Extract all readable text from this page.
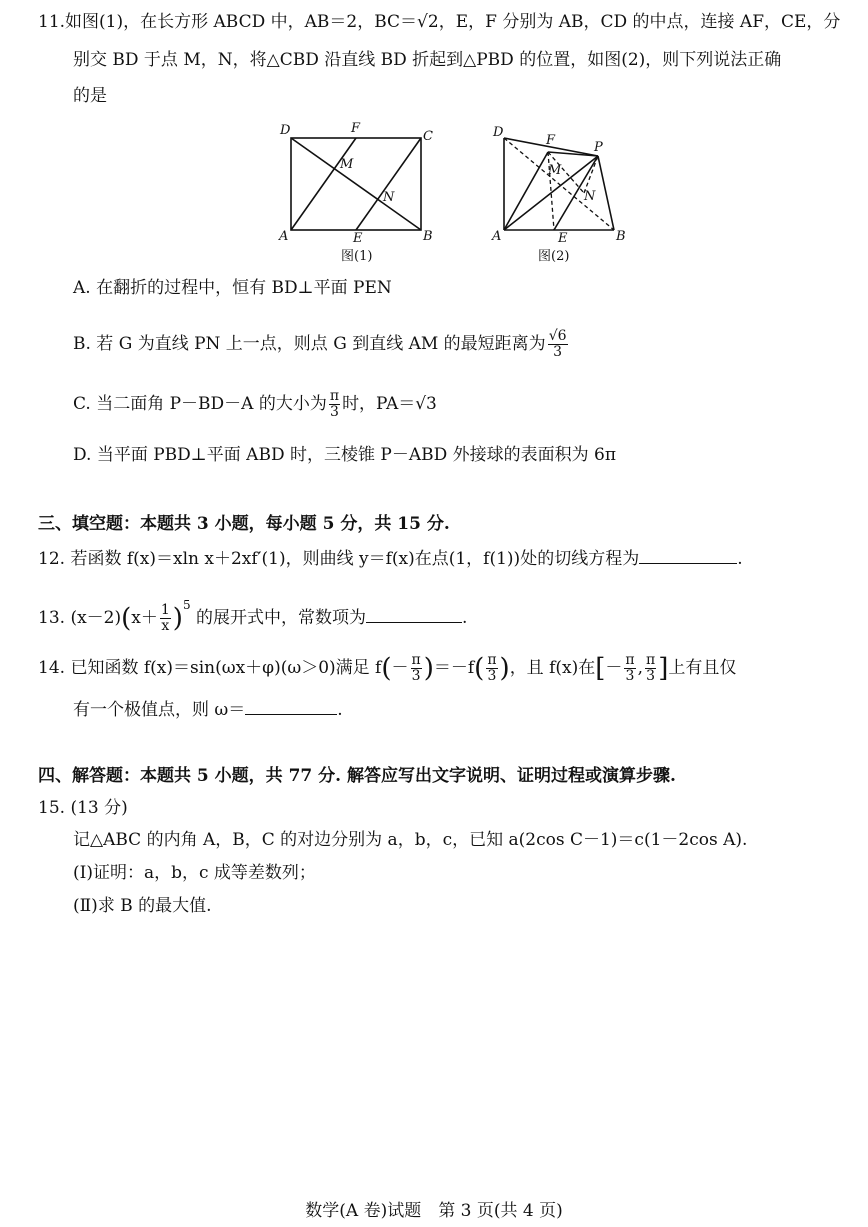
11.如图(1)，在长方形 ABCD 中，AB＝2，BC＝√2，E，F 分别为 AB，CD 的中点，连接 AF，CE，分
别交 BD 于点 M，N，将△CBD 沿直线 BD 折起到△PBD 的位置，如图(2)，则下列说法正确
的是
D	F
C
M
N
A	E	B
图(1)
D
F	P
M
N
A	E	B
图(2)
A. 在翻折的过程中，恒有 BD⊥平面 PEN
B. 若 G 为直线 PN 上一点，则点 G 到直线 AM 的最短距离为 $\frac{√6}{3}$
C. 当二面角 P－BD－A 的大小为 $\frac{\pi}{3}$ 时，PA＝√3
D. 当平面 PBD⊥平面 ABD 时，三棱锥 P－ABD 外接球的表面积为 6π
三、填空题：本题共 3 小题，每小题 5 分，共 15 分.
12. 若函数 f(x)＝xln x＋2xf′(1)，则曲线 y＝f(x)在点(1，f(1))处的切线方程为	.
13. $(x-2)(x+ \frac{1}{x} )^5$ 的展开式中，常数项为	.
14. 已知函数 f(x)＝sin(ωx＋φ)(ω＞0)满足 $f(- \frac{\pi}{3} )=-f( \frac{\pi}{3}$ )，且 f(x)在[－ $\frac{\pi}{3}$ , $\frac{\pi}{3}$ ]上有且仅
有一个极值点，则 ω＝	.
四、解答题：本题共 5 小题，共 77 分. 解答应写出文字说明、证明过程或演算步骤.
15. (13 分)
记△ABC 的内角 A，B，C 的对边分别为 a，b，c，已知 a(2cos C－1)＝c(1－2cos A).
(Ⅰ)证明：a，b，c 成等差数列；
(Ⅱ)求 B 的最大值.
数学(A 卷)试题　第 3 页(共 4 页)
